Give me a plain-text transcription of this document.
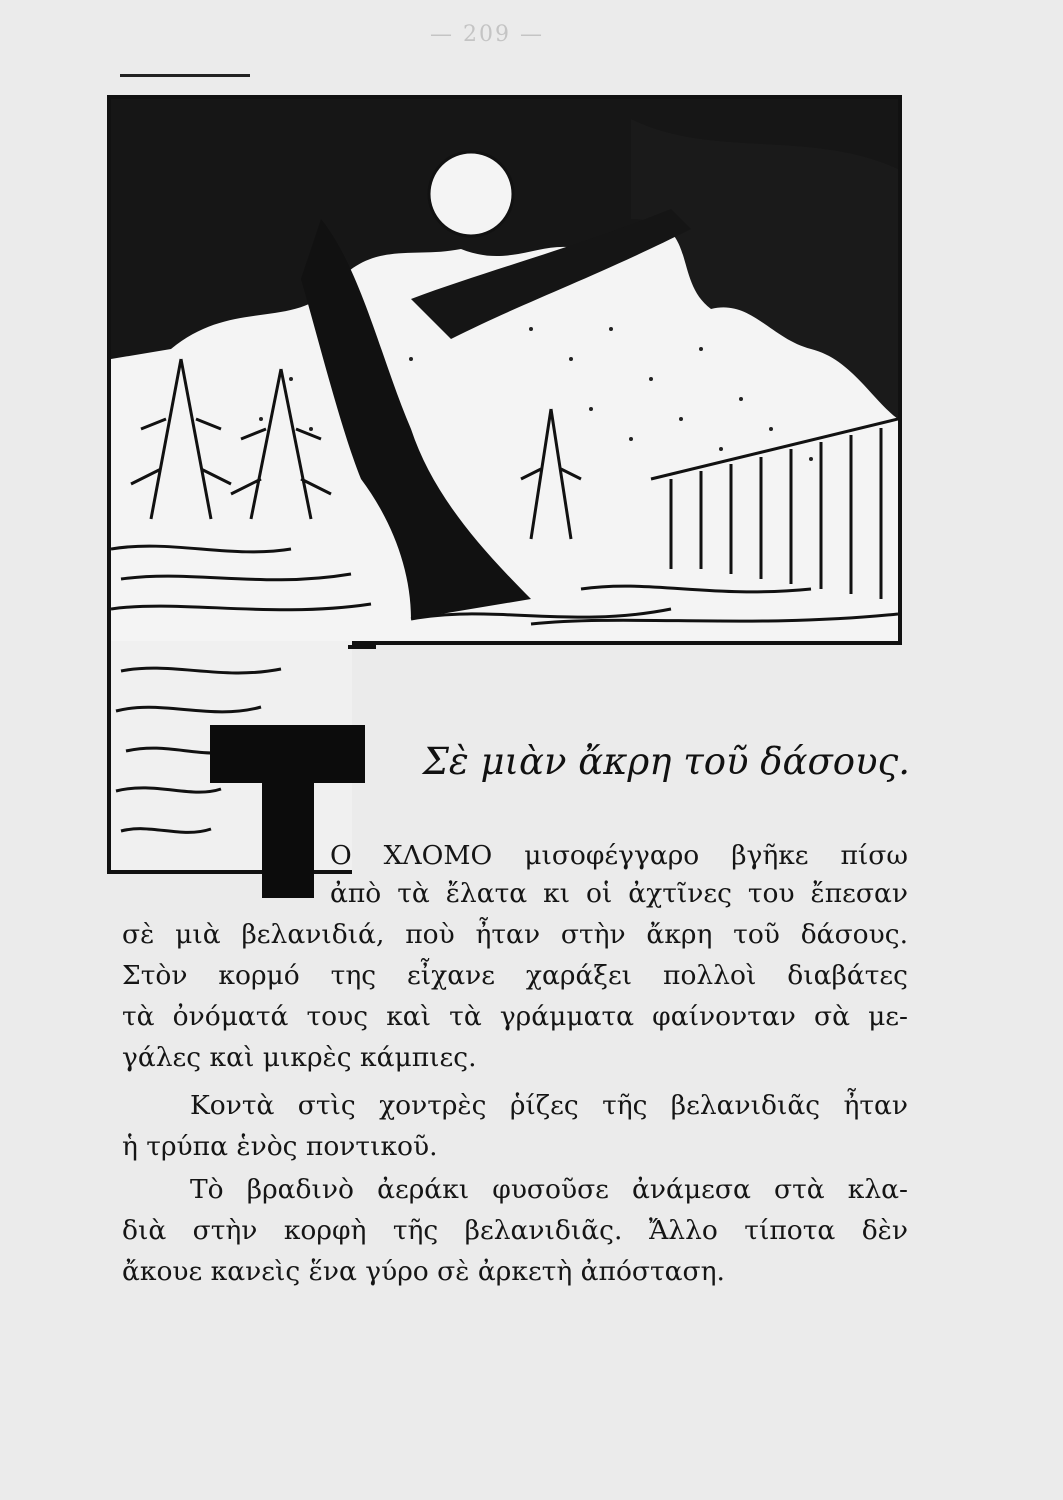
— 209 —
Σὲ μιὰν ἄκρη τοῦ δάσους.
Ο ΧΛΟΜΟ μισοφέγγαρο βγῆκε πίσω
ἀπὸ τὰ ἔλατα κι οἱ ἀχτῖνες του ἔπεσαν
σὲ μιὰ βελανιδιά, ποὺ ἦταν στὴν ἄκρη τοῦ δάσους.
Στὸν κορμό της εἶχανε χαράξει πολλοὶ διαβάτες
τὰ ὀνόματά τους καὶ τὰ γράμματα φαίνονταν σὰ με-
γάλες καὶ μικρὲς κάμπιες.
Κοντὰ στὶς χοντρὲς ῥίζες τῆς βελανιδιᾶς ἦταν
ἡ τρύπα ἑνὸς ποντικοῦ.
Τὸ βραδινὸ ἀεράκι φυσοῦσε ἀνάμεσα στὰ κλα-
διὰ στὴν κορφὴ τῆς βελανιδιᾶς. Ἄλλο τίποτα δὲν
ἄκουε κανεὶς ἕνα γύρο σὲ ἀρκετὴ ἀπόσταση.
